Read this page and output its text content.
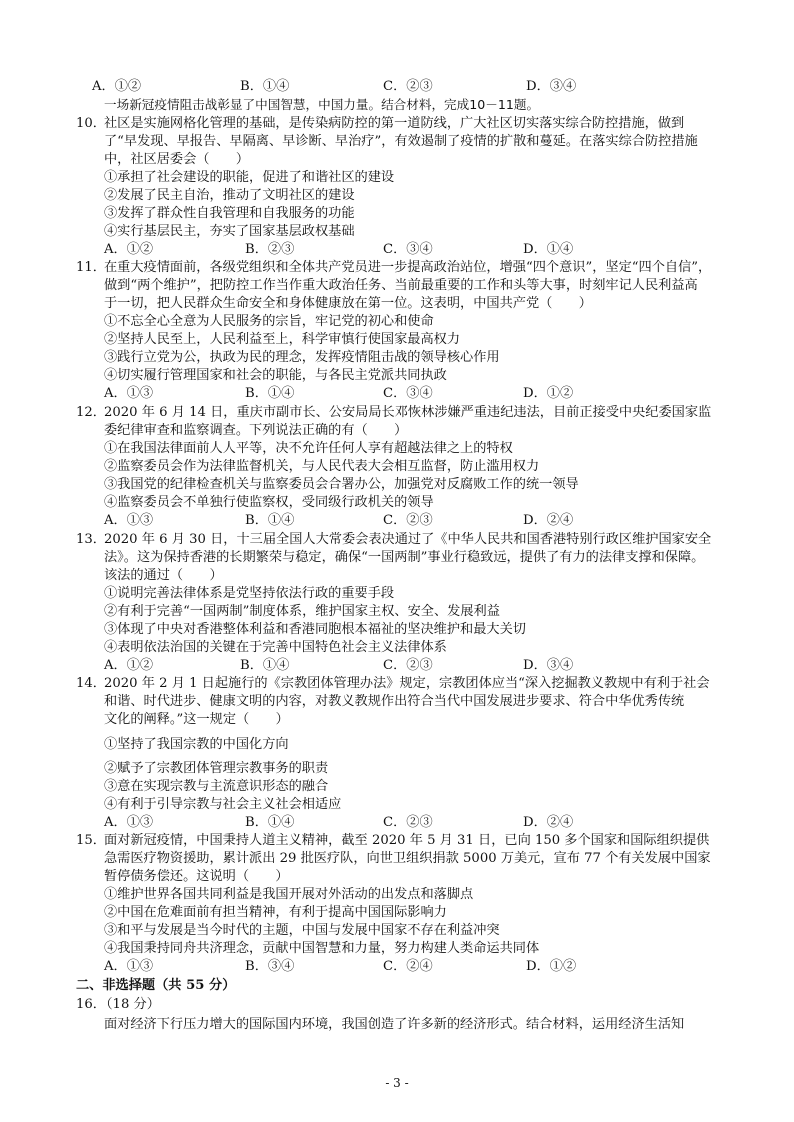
A．①②	B．①④	C．②③	D．③④
一场新冠疫情阻击战彰显了中国智慧，中国力量。结合材料，完成10－11题。
10．
社区是实施网格化管理的基础，是传染病防控的第一道防线，广大社区切实落实综合防控措施，做到
了“早发现、早报告、早隔离、早诊断、早治疗”，有效遏制了疫情的扩散和蔓延。在落实综合防控措施
中，社区居委会（　　）
①承担了社会建设的职能，促进了和谐社区的建设
②发展了民主自治，推动了文明社区的建设
③发挥了群众性自我管理和自我服务的功能
④实行基层民主，夯实了国家基层政权基础
A．①②	B．②③	C．③④	D．①④
11．
在重大疫情面前，各级党组织和全体共产党员进一步提高政治站位，增强“四个意识”，坚定“四个自信”，
做到“两个维护”，把防控工作当作重大政治任务、当前最重要的工作和头等大事，时刻牢记人民利益高
于一切，把人民群众生命安全和身体健康放在第一位。这表明，中国共产党（　　）
①不忘全心全意为人民服务的宗旨，牢记党的初心和使命
②坚持人民至上，人民利益至上，科学审慎行使国家最高权力
③践行立党为公，执政为民的理念，发挥疫情阻击战的领导核心作用
④切实履行管理国家和社会的职能，与各民主党派共同执政
A．①③	B．①④	C．③④	D．①②
12．
2020 年 6 月 14 日，重庆市副市长、公安局局长邓恢林涉嫌严重违纪违法，目前正接受中央纪委国家监
委纪律审查和监察调查。下列说法正确的有（　　）
①在我国法律面前人人平等，决不允许任何人享有超越法律之上的特权
②监察委员会作为法律监督机关，与人民代表大会相互监督，防止滥用权力
③我国党的纪律检查机关与监察委员会合署办公，加强党对反腐败工作的统一领导
④监察委员会不单独行使监察权，受同级行政机关的领导
A．①③	B．①④	C．②③	D．②④
13．
2020 年 6 月 30 日，十三届全国人大常委会表决通过了《中华人民共和国香港特别行政区维护国家安全
法》。这为保持香港的长期繁荣与稳定，确保“一国两制”事业行稳致远，提供了有力的法律支撑和保障。
该法的通过（　　）
①说明完善法律体系是党坚持依法行政的重要手段
②有利于完善“一国两制”制度体系，维护国家主权、安全、发展利益
③体现了中央对香港整体利益和香港同胞根本福祉的坚决维护和最大关切
④表明依法治国的关键在于完善中国特色社会主义法律体系
A．①②	B．①④	C．②③	D．③④
14．
2020 年 2 月 1 日起施行的《宗教团体管理办法》规定，宗教团体应当“深入挖掘教义教规中有利于社会
和谐、时代进步、健康文明的内容，对教义教规作出符合当代中国发展进步要求、符合中华优秀传统
文化的阐释。”这一规定（　　）
①坚持了我国宗教的中国化方向
②赋予了宗教团体管理宗教事务的职责
③意在实现宗教与主流意识形态的融合
④有利于引导宗教与社会主义社会相适应
A．①③	B．①④	C．②③	D．②④
15．
面对新冠疫情，中国秉持人道主义精神，截至 2020 年 5 月 31 日，已向 150 多个国家和国际组织提供
急需医疗物资援助，累计派出 29 批医疗队，向世卫组织捐款 5000 万美元，宣布 77 个有关发展中国家
暂停债务偿还。这说明（　　）
①维护世界各国共同利益是我国开展对外活动的出发点和落脚点
②中国在危难面前有担当精神，有利于提高中国国际影响力
③和平与发展是当今时代的主题，中国与发展中国家不存在利益冲突
④我国秉持同舟共济理念，贡献中国智慧和力量，努力构建人类命运共同体
A．①③	B．③④	C．②④	D．①②
二、非选择题（共 55 分）
16．（18 分）
面对经济下行压力增大的国际国内环境，我国创造了许多新的经济形式。结合材料，运用经济生活知
- 3 -
